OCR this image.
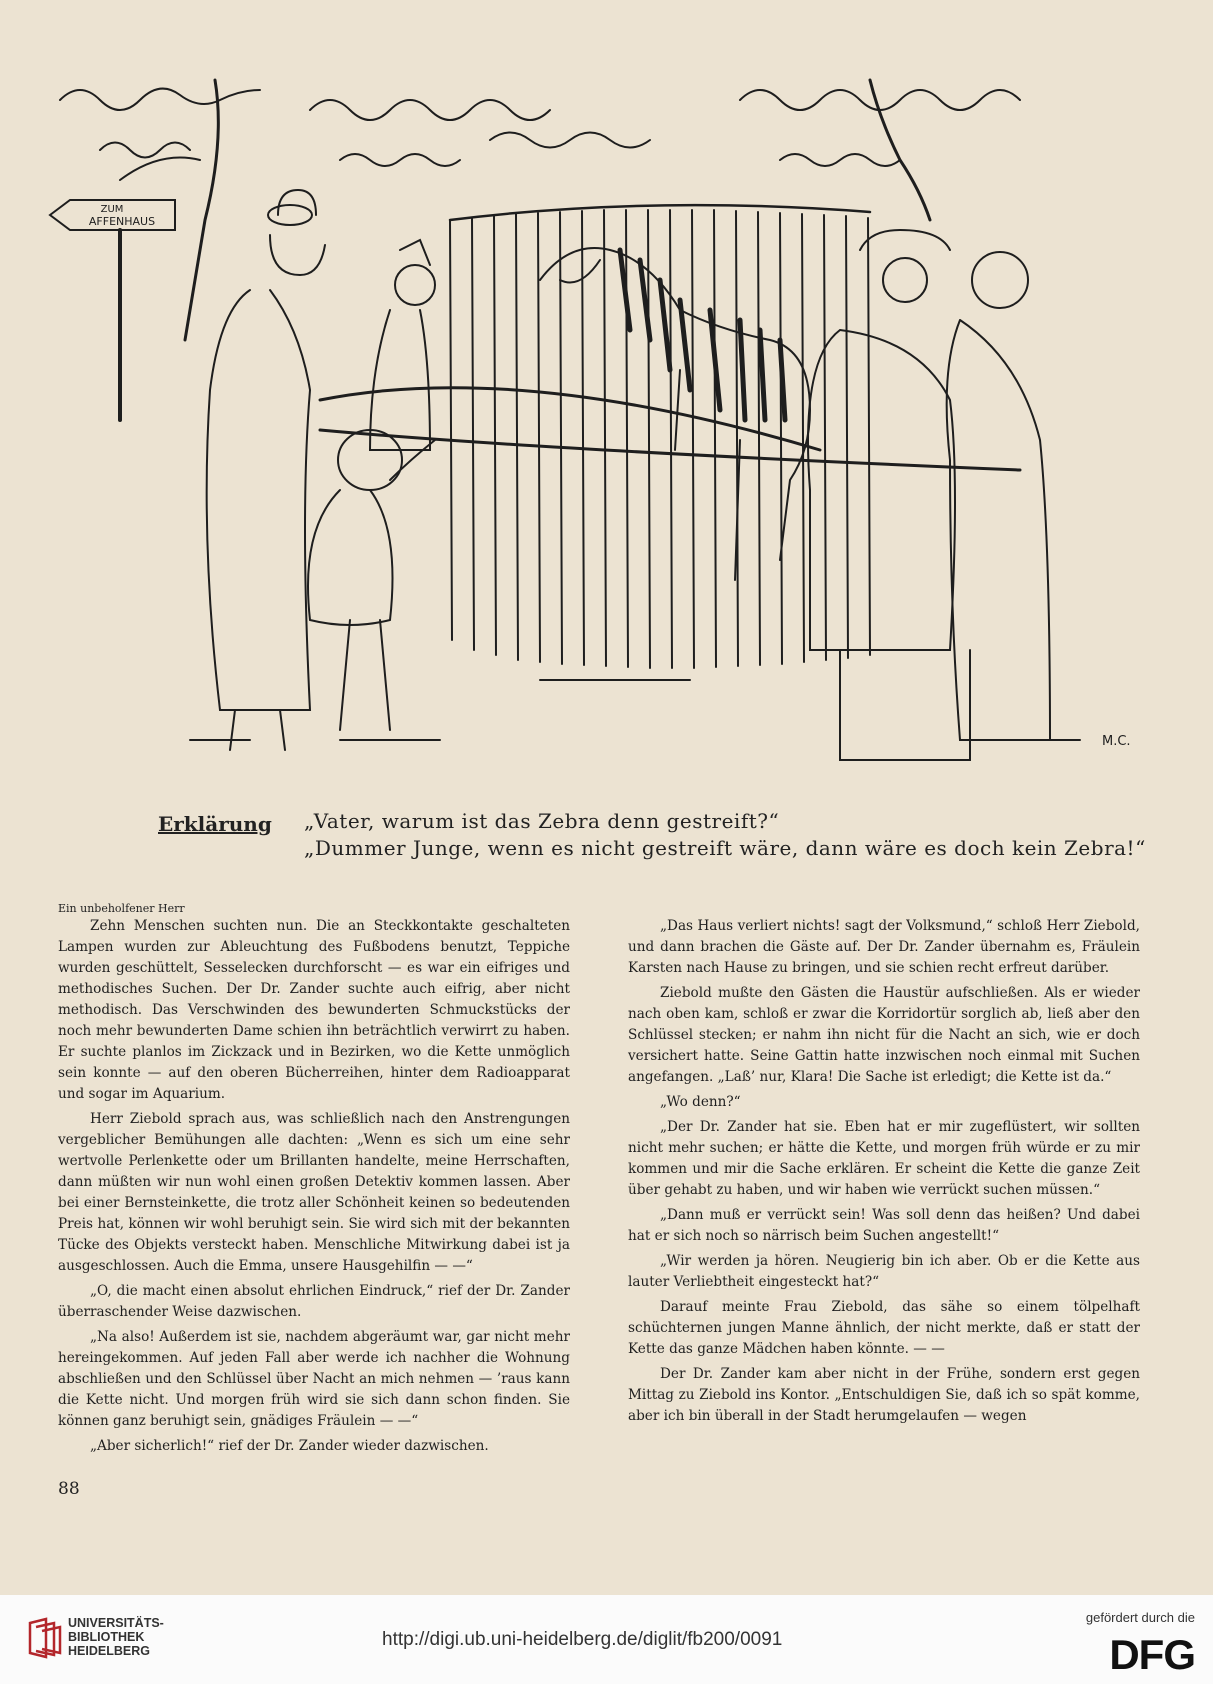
ZUM
AFFENHAUS
M.C.
Erklärung „Vater, warum ist das Zebra denn gestreift?“
„Dummer Junge, wenn es nicht gestreift wäre, dann wäre es doch kein Zebra!“
Ein unbeholfener Herr

Zehn Menschen suchten nun. Die an Steckkontakte geschalteten Lampen wurden zur Ableuchtung des Fußbodens benutzt, Teppiche wurden geschüttelt, Sesselecken durchforscht — es war ein eifriges und methodisches Suchen. Der Dr. Zander suchte auch eifrig, aber nicht methodisch. Das Verschwinden des bewunderten Schmuckstücks der noch mehr bewunderten Dame schien ihn beträchtlich verwirrt zu haben. Er suchte planlos im Zickzack und in Bezirken, wo die Kette unmöglich sein konnte — auf den oberen Bücherreihen, hinter dem Radioapparat und sogar im Aquarium.

Herr Ziebold sprach aus, was schließlich nach den Anstrengungen vergeblicher Bemühungen alle dachten: „Wenn es sich um eine sehr wertvolle Perlenkette oder um Brillanten handelte, meine Herrschaften, dann müßten wir nun wohl einen großen Detektiv kommen lassen. Aber bei einer Bernsteinkette, die trotz aller Schönheit keinen so bedeutenden Preis hat, können wir wohl beruhigt sein. Sie wird sich mit der bekannten Tücke des Objekts versteckt haben. Menschliche Mitwirkung dabei ist ja ausgeschlossen. Auch die Emma, unsere Hausgehilfin — —“

„O, die macht einen absolut ehrlichen Eindruck,“ rief der Dr. Zander überraschender Weise dazwischen.

„Na also! Außerdem ist sie, nachdem abgeräumt war, gar nicht mehr hereingekommen. Auf jeden Fall aber werde ich nachher die Wohnung abschließen und den Schlüssel über Nacht an mich nehmen — ’raus kann die Kette nicht. Und morgen früh wird sie sich dann schon finden. Sie können ganz beruhigt sein, gnädiges Fräulein — —“

„Aber sicherlich!“ rief der Dr. Zander wieder dazwischen.

„Das Haus verliert nichts! sagt der Volksmund,“ schloß Herr Ziebold, und dann brachen die Gäste auf. Der Dr. Zander übernahm es, Fräulein Karsten nach Hause zu bringen, und sie schien recht erfreut darüber.

Ziebold mußte den Gästen die Haustür aufschließen. Als er wieder nach oben kam, schloß er zwar die Korridortür sorglich ab, ließ aber den Schlüssel stecken; er nahm ihn nicht für die Nacht an sich, wie er doch versichert hatte. Seine Gattin hatte inzwischen noch einmal mit Suchen angefangen. „Laß’ nur, Klara! Die Sache ist erledigt; die Kette ist da.“

„Wo denn?“

„Der Dr. Zander hat sie. Eben hat er mir zugeflüstert, wir sollten nicht mehr suchen; er hätte die Kette, und morgen früh würde er zu mir kommen und mir die Sache erklären. Er scheint die Kette die ganze Zeit über gehabt zu haben, und wir haben wie verrückt suchen müssen.“

„Dann muß er verrückt sein! Was soll denn das heißen? Und dabei hat er sich noch so närrisch beim Suchen angestellt!“

„Wir werden ja hören. Neugierig bin ich aber. Ob er die Kette aus lauter Verliebtheit eingesteckt hat?“

Darauf meinte Frau Ziebold, das sähe so einem tölpelhaft schüchternen jungen Manne ähnlich, der nicht merkte, daß er statt der Kette das ganze Mädchen haben könnte. — —

Der Dr. Zander kam aber nicht in der Frühe, sondern erst gegen Mittag zu Ziebold ins Kontor. „Entschuldigen Sie, daß ich so spät komme, aber ich bin überall in der Stadt herumgelaufen — wegen

88
UNIVERSITÄTS-
BIBLIOTHEK
HEIDELBERG
http://digi.ub.uni-heidelberg.de/diglit/fb200/0091
gefördert durch die
DFG
